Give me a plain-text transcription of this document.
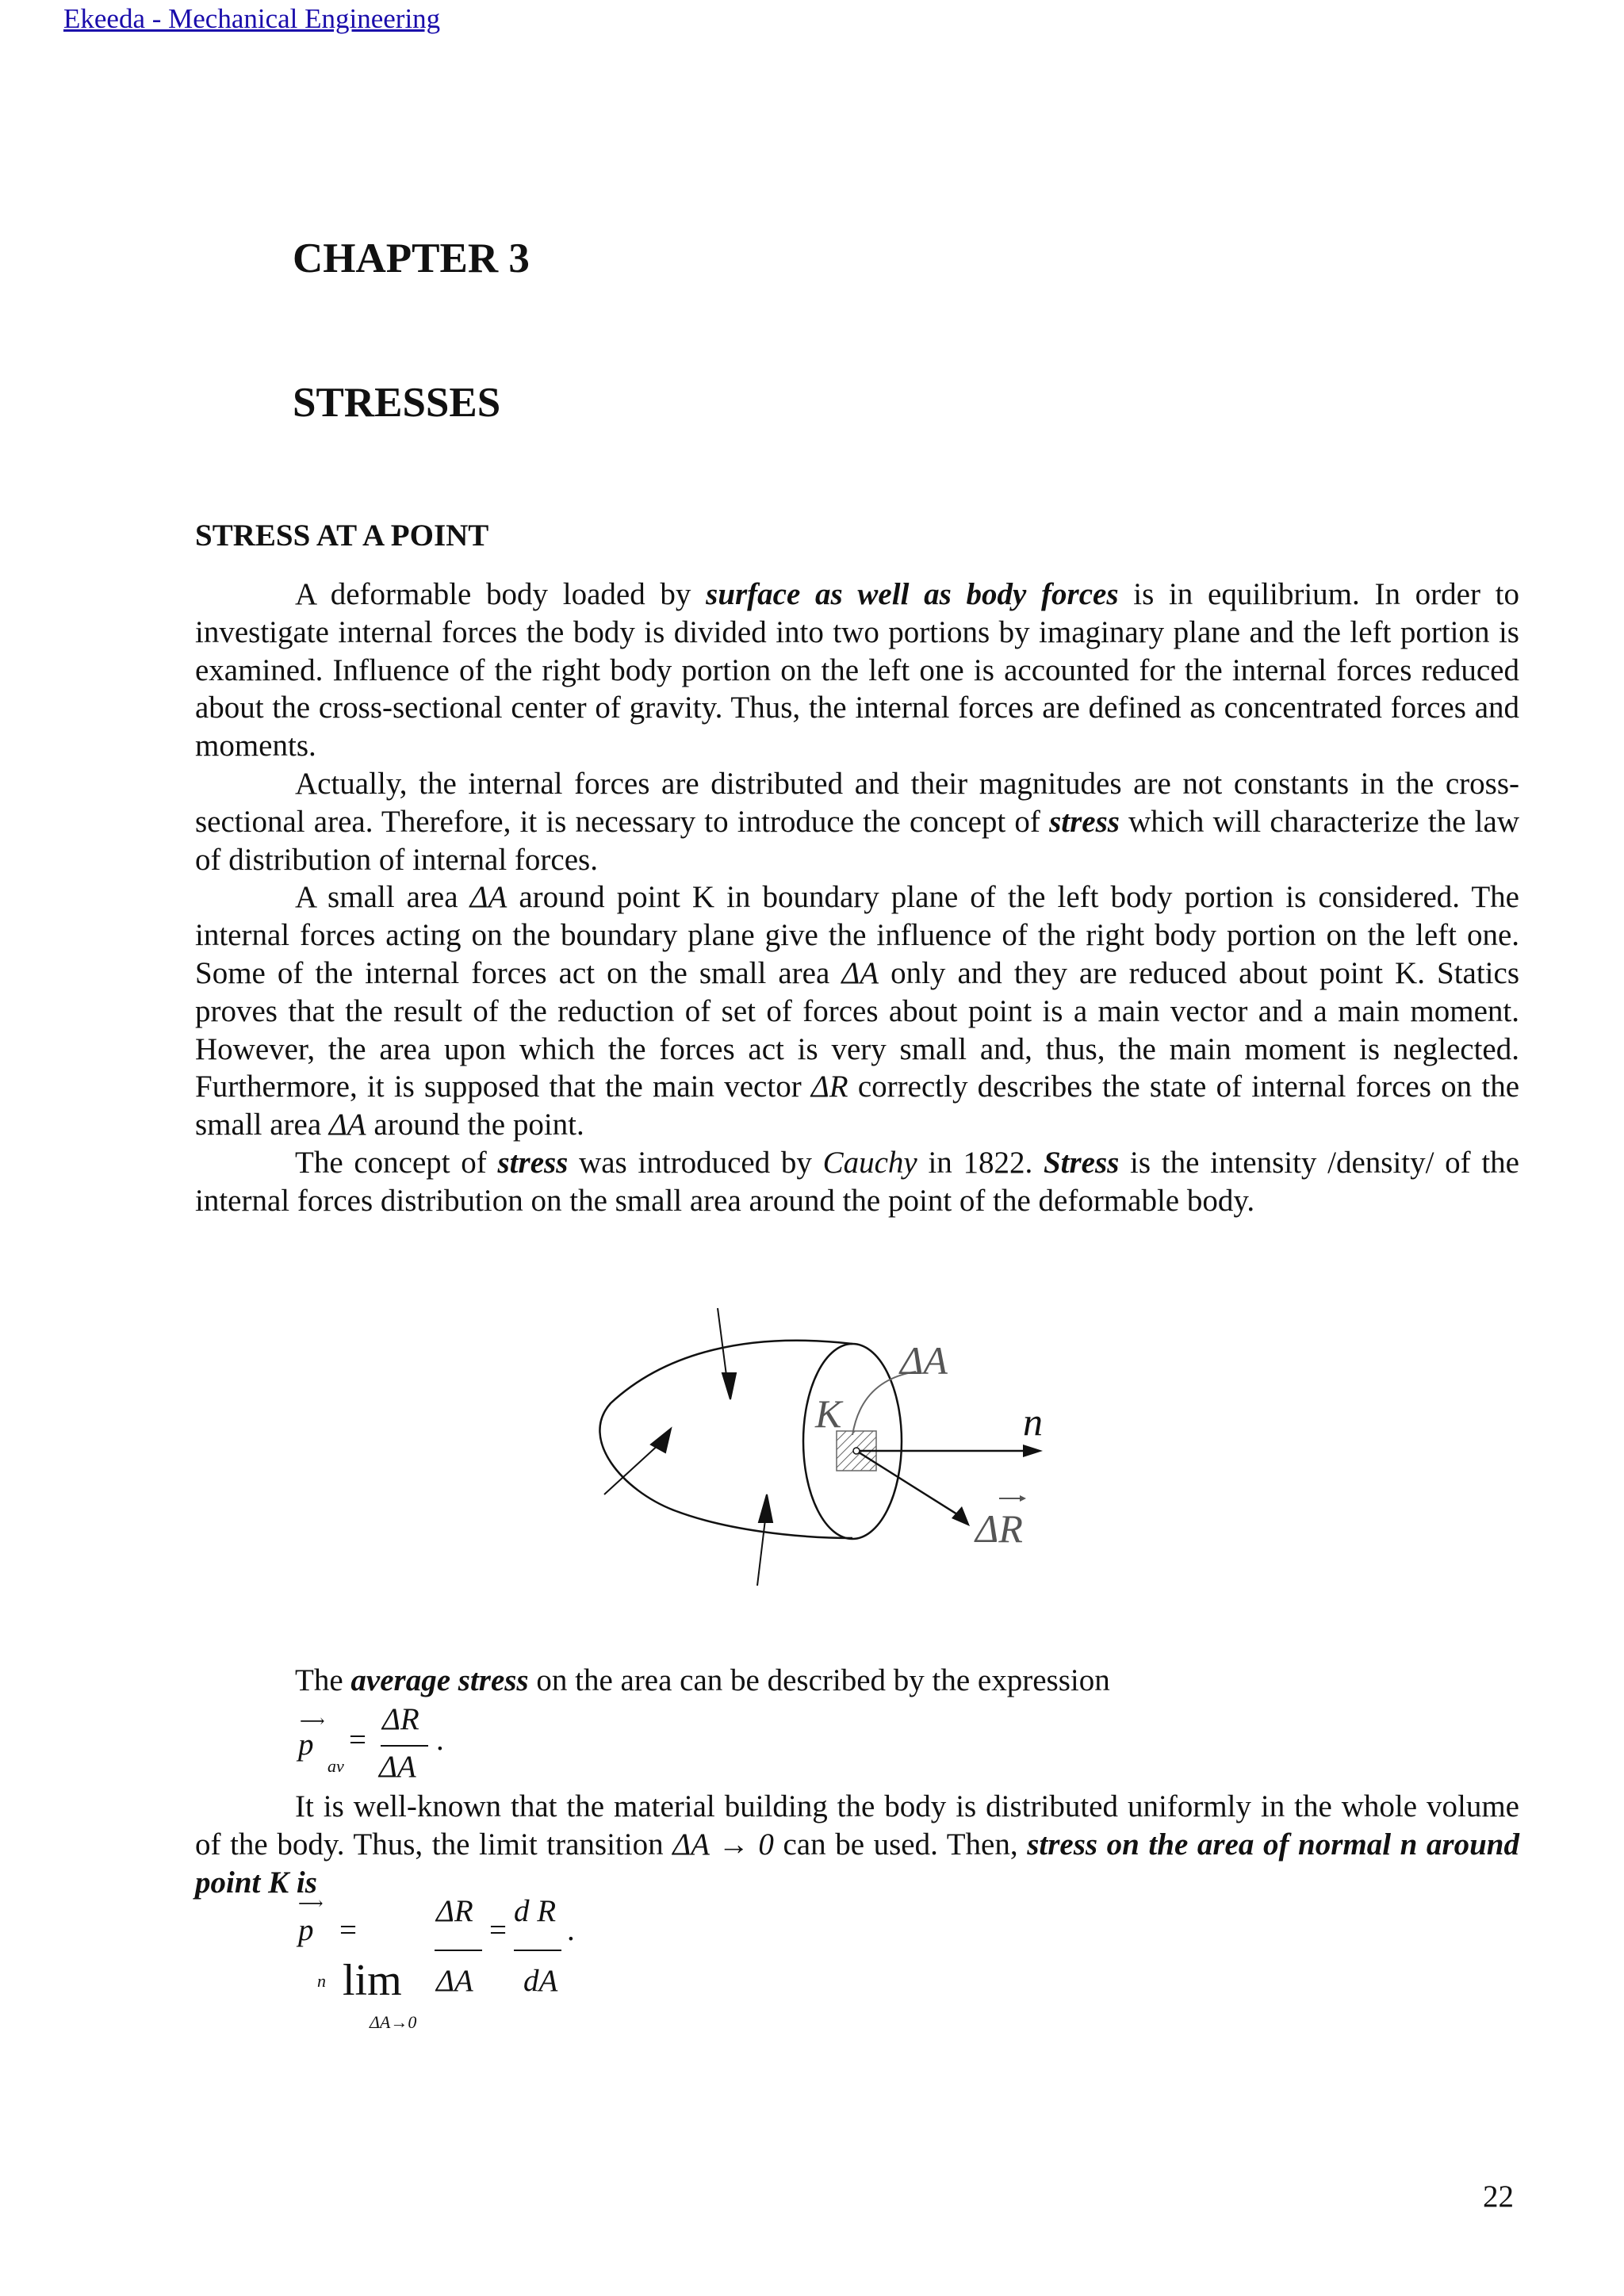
Ekeeda - Mechanical Engineering
CHAPTER 3
STRESSES
STRESS AT A POINT

A deformable body loaded by surface as well as body forces is in equilibrium. In order to investigate internal forces the body is divided into two portions by imaginary plane and the left portion is examined. Influence of the right body portion on the left one is accounted for the internal forces reduced about the cross-sectional center of gravity. Thus, the internal forces are defined as concentrated forces and moments.

Actually, the internal forces are distributed and their magnitudes are not constants in the cross-sectional area. Therefore, it is necessary to introduce the concept of stress which will characterize the law of distribution of internal forces.

A small area ΔA around point K in boundary plane of the left body portion is considered. The internal forces acting on the boundary plane give the influence of the right body portion on the left one. Some of the internal forces act on the small area ΔA only and they are reduced about point K. Statics proves that the result of the reduction of set of forces about point is a main vector and a main moment. However, the area upon which the forces act is very small and, thus, the main moment is neglected. Furthermore, it is supposed that the main vector ΔR correctly describes the state of internal forces on the small area ΔA around the point.

The concept of stress was introduced by Cauchy in 1822. Stress is the intensity /density/ of the internal forces distribution on the small area around the point of the deformable body.

ΔA
K	n
ΔR

The average stress on the area can be described by the expression

⟶
p
av
=
ΔR
ΔA
.

It is well-known that the material building the body is distributed uniformly in the whole volume of the body. Thus, the limit transition ΔA → 0 can be used. Then, stress on the area of normal n around point K is

⟶
p =
n lim
ΔA→0
ΔR
ΔA
=
d R
dA
.
22
